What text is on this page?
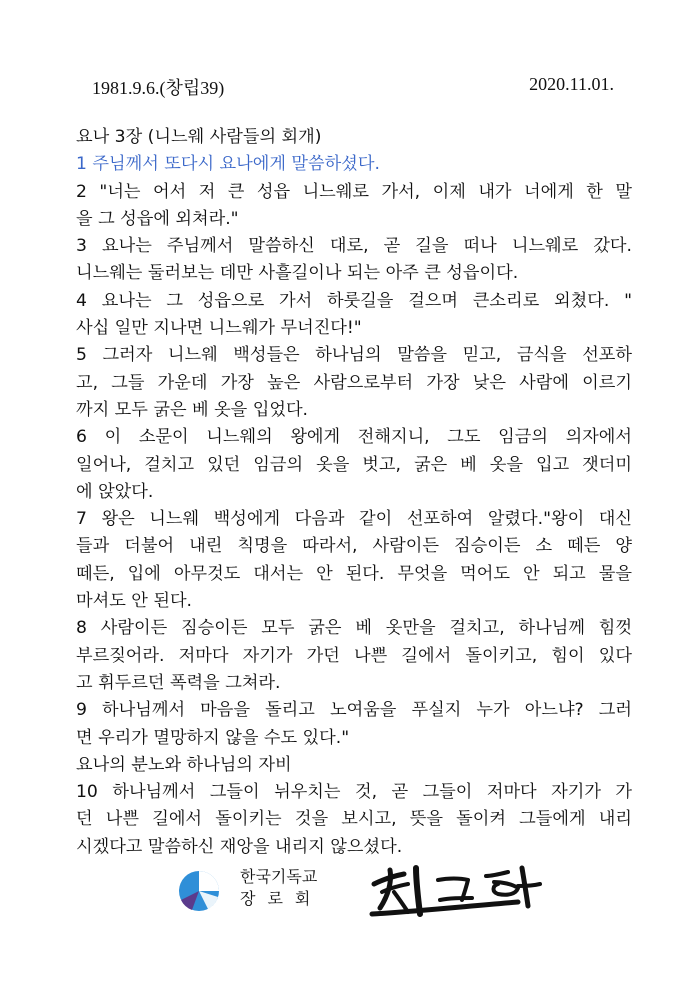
1981.9.6.(창립39)	2020.11.01.
요나 3장 (니느웨 사람들의 회개)
1 주님께서 또다시 요나에게 말씀하셨다.
2 "너는 어서 저 큰 성읍 니느웨로 가서, 이제 내가 너에게 한 말
을 그 성읍에 외쳐라."
3 요나는 주님께서 말씀하신 대로, 곧 길을 떠나 니느웨로 갔다.
니느웨는 둘러보는 데만 사흘길이나 되는 아주 큰 성읍이다.
4 요나는 그 성읍으로 가서 하룻길을 걸으며 큰소리로 외쳤다. "
사십 일만 지나면 니느웨가 무너진다!"
5 그러자 니느웨 백성들은 하나님의 말씀을 믿고, 금식을 선포하
고, 그들 가운데 가장 높은 사람으로부터 가장 낮은 사람에 이르기
까지 모두 굵은 베 옷을 입었다.
6 이 소문이 니느웨의 왕에게 전해지니, 그도 임금의 의자에서
일어나, 걸치고 있던 임금의 옷을 벗고, 굵은 베 옷을 입고 잿더미
에 앉았다.
7 왕은 니느웨 백성에게 다음과 같이 선포하여 알렸다."왕이 대신
들과 더불어 내린 칙명을 따라서, 사람이든 짐승이든 소 떼든 양
떼든, 입에 아무것도 대서는 안 된다. 무엇을 먹어도 안 되고 물을
마셔도 안 된다.
8 사람이든 짐승이든 모두 굵은 베 옷만을 걸치고, 하나님께 힘껏
부르짖어라. 저마다 자기가 가던 나쁜 길에서 돌이키고, 힘이 있다
고 휘두르던 폭력을 그쳐라.
9 하나님께서 마음을 돌리고 노여움을 푸실지 누가 아느냐? 그러
면 우리가 멸망하지 않을 수도 있다."
요나의 분노와 하나님의 자비
10 하나님께서 그들이 뉘우치는 것, 곧 그들이 저마다 자기가 가
던 나쁜 길에서 돌이키는 것을 보시고, 뜻을 돌이켜 그들에게 내리
시겠다고 말씀하신 재앙을 내리지 않으셨다.
한국기독교
장로회
